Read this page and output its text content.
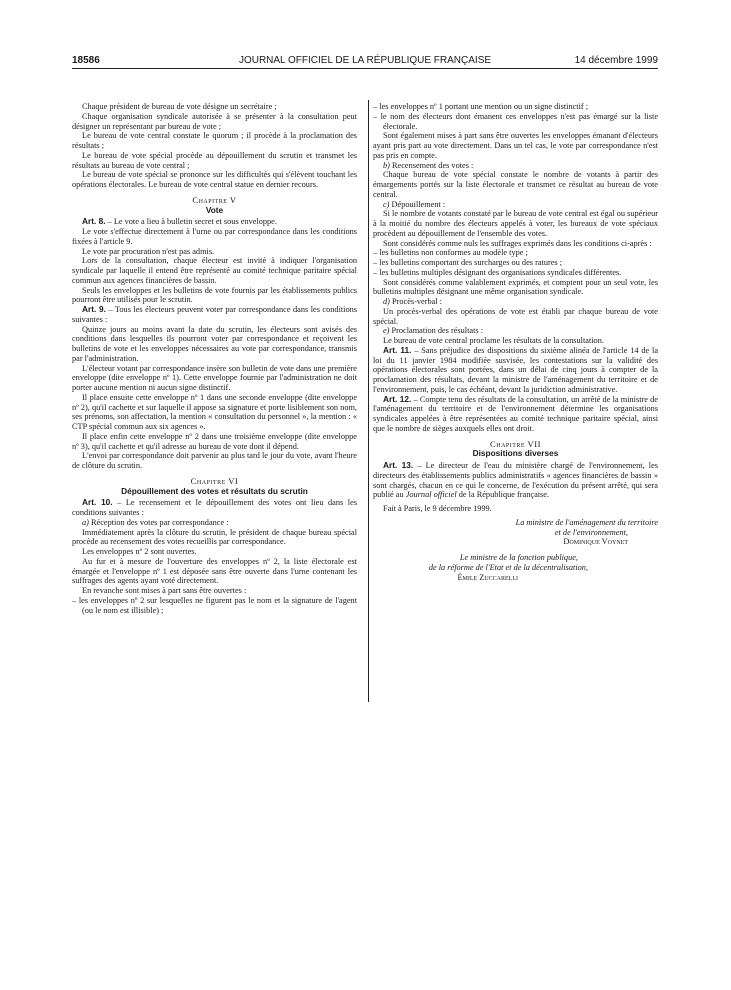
18586	JOURNAL OFFICIEL DE LA RÉPUBLIQUE FRANÇAISE	14 décembre 1999

Chaque président de bureau de vote désigne un secrétaire ;

Chaque organisation syndicale autorisée à se présenter à la consultation peut désigner un représentant par bureau de vote ;

Le bureau de vote central constate le quorum ; il procède à la proclamation des résultats ;

Le bureau de vote spécial procède au dépouillement du scrutin et transmet les résultats au bureau de vote central ;

Le bureau de vote spécial se prononce sur les difficultés qui s'élèvent touchant les opérations électorales. Le bureau de vote central statue en dernier recours.

Chapitre V

Vote

Art. 8. – Le vote a lieu à bulletin secret et sous enveloppe.

Le vote s'effectue directement à l'urne ou par correspondance dans les conditions fixées à l'article 9.

Le vote par procuration n'est pas admis.

Lors de la consultation, chaque électeur est invité à indiquer l'organisation syndicale par laquelle il entend être représenté au comité technique paritaire spécial commun aux agences financières de bassin.

Seuls les enveloppes et les bulletins de vote fournis par les établissements publics pourront être utilisés pour le scrutin.

Art. 9. – Tous les électeurs peuvent voter par correspondance dans les conditions suivantes :

Quinze jours au moins avant la date du scrutin, les électeurs sont avisés des conditions dans lesquelles ils pourront voter par correspondance et reçoivent les bulletins de vote et les enveloppes nécessaires au vote par correspondance, transmis par l'administration.

L'électeur votant par correspondance insère son bulletin de vote dans une première enveloppe (dite enveloppe nº 1). Cette enveloppe fournie par l'administration ne doit porter aucune mention ni aucun signe distinctif.

Il place ensuite cette enveloppe nº 1 dans une seconde enveloppe (dite enveloppe nº 2), qu'il cachette et sur laquelle il appose sa signature et porte lisiblement son nom, ses prénoms, son affectation, la mention « consultation du personnel », la mention : « CTP spécial commun aux six agences ».

Il place enfin cette enveloppe nº 2 dans une troisième enveloppe (dite enveloppe nº 3), qu'il cachette et qu'il adresse au bureau de vote dont il dépend.

L'envoi par correspondance doit parvenir au plus tard le jour du vote, avant l'heure de clôture du scrutin.

Chapitre VI

Dépouillement des votes et résultats du scrutin

Art. 10. – Le recensement et le dépouillement des votes ont lieu dans les conditions suivantes :

a) Réception des votes par correspondance :

Immédiatement après la clôture du scrutin, le président de chaque bureau spécial procède au recensement des votes recueillis par correspondance.

Les enveloppes nº 2 sont ouvertes.

Au fur et à mesure de l'ouverture des enveloppes nº 2, la liste électorale est émargée et l'enveloppe nº 1 est déposée sans être ouverte dans l'urne contenant les suffrages des agents ayant voté directement.

En revanche sont mises à part sans être ouvertes :

– les enveloppes nº 2 sur lesquelles ne figurent pas le nom et la signature de l'agent (ou le nom est illisible) ;

– les enveloppes nº 1 portant une mention ou un signe distinctif ;

– le nom des électeurs dont émanent ces enveloppes n'est pas émargé sur la liste électorale.

Sont également mises à part sans être ouvertes les enveloppes émanant d'électeurs ayant pris part au vote directement. Dans un tel cas, le vote par correspondance n'est pas pris en compte.

b) Recensement des votes :

Chaque bureau de vote spécial constate le nombre de votants à partir des émargements portés sur la liste électorale et transmet ce résultat au bureau de vote central.

c) Dépouillement :

Si le nombre de votants constaté par le bureau de vote central est égal ou supérieur à la moitié du nombre des électeurs appelés à voter, les bureaux de vote spéciaux procèdent au dépouillement de l'ensemble des votes.

Sont considérés comme nuls les suffrages exprimés dans les conditions ci-après :

– les bulletins non conformes au modèle type ;

– les bulletins comportant des surcharges ou des ratures ;

– les bulletins multiples désignant des organisations syndicales différentes.

Sont considérés comme valablement exprimés, et comptent pour un seul vote, les bulletins multiples désignant une même organisation syndicale.

d) Procès-verbal :

Un procès-verbal des opérations de vote est établi par chaque bureau de vote spécial.

e) Proclamation des résultats :

Le bureau de vote central proclame les résultats de la consultation.

Art. 11. – Sans préjudice des dispositions du sixième alinéa de l'article 14 de la loi du 11 janvier 1984 modifiée susvisée, les contestations sur la validité des opérations électorales sont portées, dans un délai de cinq jours à compter de la proclamation des résultats, devant la ministre de l'aménagement du territoire et de l'environnement, puis, le cas échéant, devant la juridiction administrative.

Art. 12. – Compte tenu des résultats de la consultation, un arrêté de la ministre de l'aménagement du territoire et de l'environnement détermine les organisations syndicales appelées à être représentées au comité technique paritaire spécial, ainsi que le nombre de sièges auxquels elles ont droit.

Chapitre VII

Dispositions diverses

Art. 13. – Le directeur de l'eau du ministère chargé de l'environnement, les directeurs des établissements publics administratifs « agences financières de bassin » sont chargés, chacun en ce qui le concerne, de l'exécution du présent arrêté, qui sera publié au Journal officiel de la République française.

Fait à Paris, le 9 décembre 1999.

La ministre de l'aménagement du territoire

et de l'environnement,

Dominique Voynet

Le ministre de la fonction publique,

de la réforme de l'Etat et de la décentralisation,

Émile Zuccarelli
